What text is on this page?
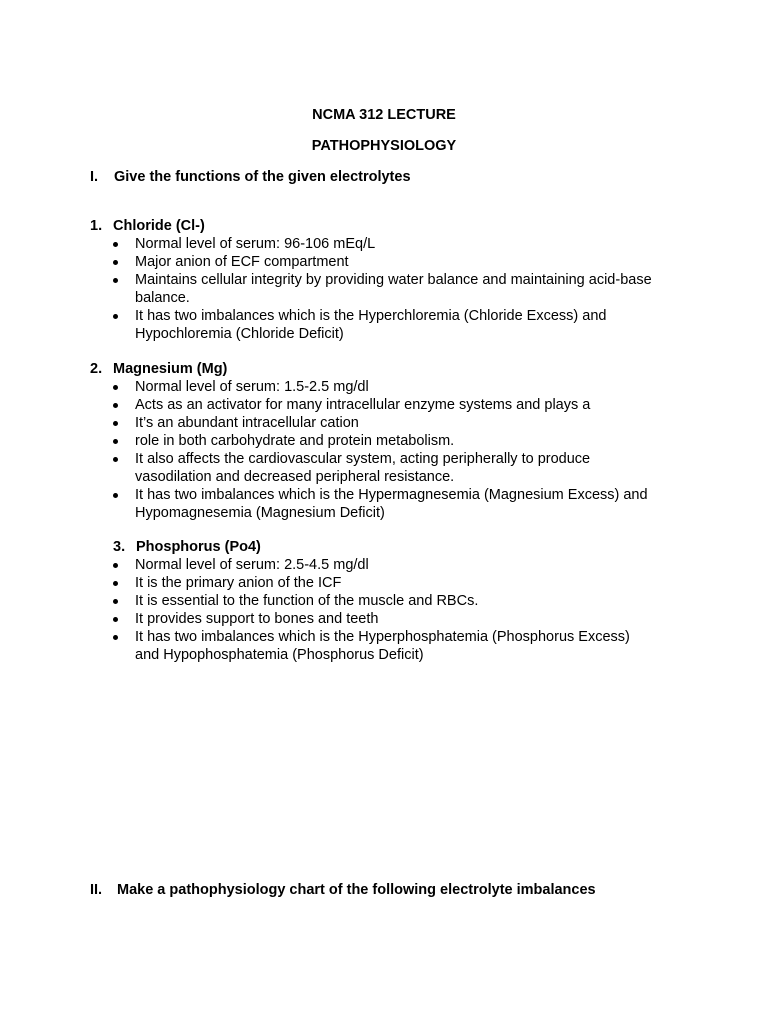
NCMA 312 LECTURE
PATHOPHYSIOLOGY
I. Give the functions of the given electrolytes
1. Chloride (Cl-)
Normal level of serum: 96-106 mEq/L
Major anion of ECF compartment
Maintains cellular integrity by providing water balance and maintaining acid-base balance.
It has two imbalances which is the Hyperchloremia (Chloride Excess) and Hypochloremia (Chloride Deficit)
2. Magnesium (Mg)
Normal level of serum: 1.5-2.5 mg/dl
Acts as an activator for many intracellular enzyme systems and plays a
It’s an abundant intracellular cation
role in both carbohydrate and protein metabolism.
It also affects the cardiovascular system, acting peripherally to produce vasodilation and decreased peripheral resistance.
It has two imbalances which is the Hypermagnesemia (Magnesium Excess) and Hypomagnesemia (Magnesium Deficit)
3. Phosphorus (Po4)
Normal level of serum: 2.5-4.5 mg/dl
It is the primary anion of the ICF
It is essential to the function of the muscle and RBCs.
It provides support to bones and teeth
It has two imbalances which is the Hyperphosphatemia (Phosphorus Excess) and Hypophosphatemia (Phosphorus Deficit)
II. Make a pathophysiology chart of the following electrolyte imbalances
